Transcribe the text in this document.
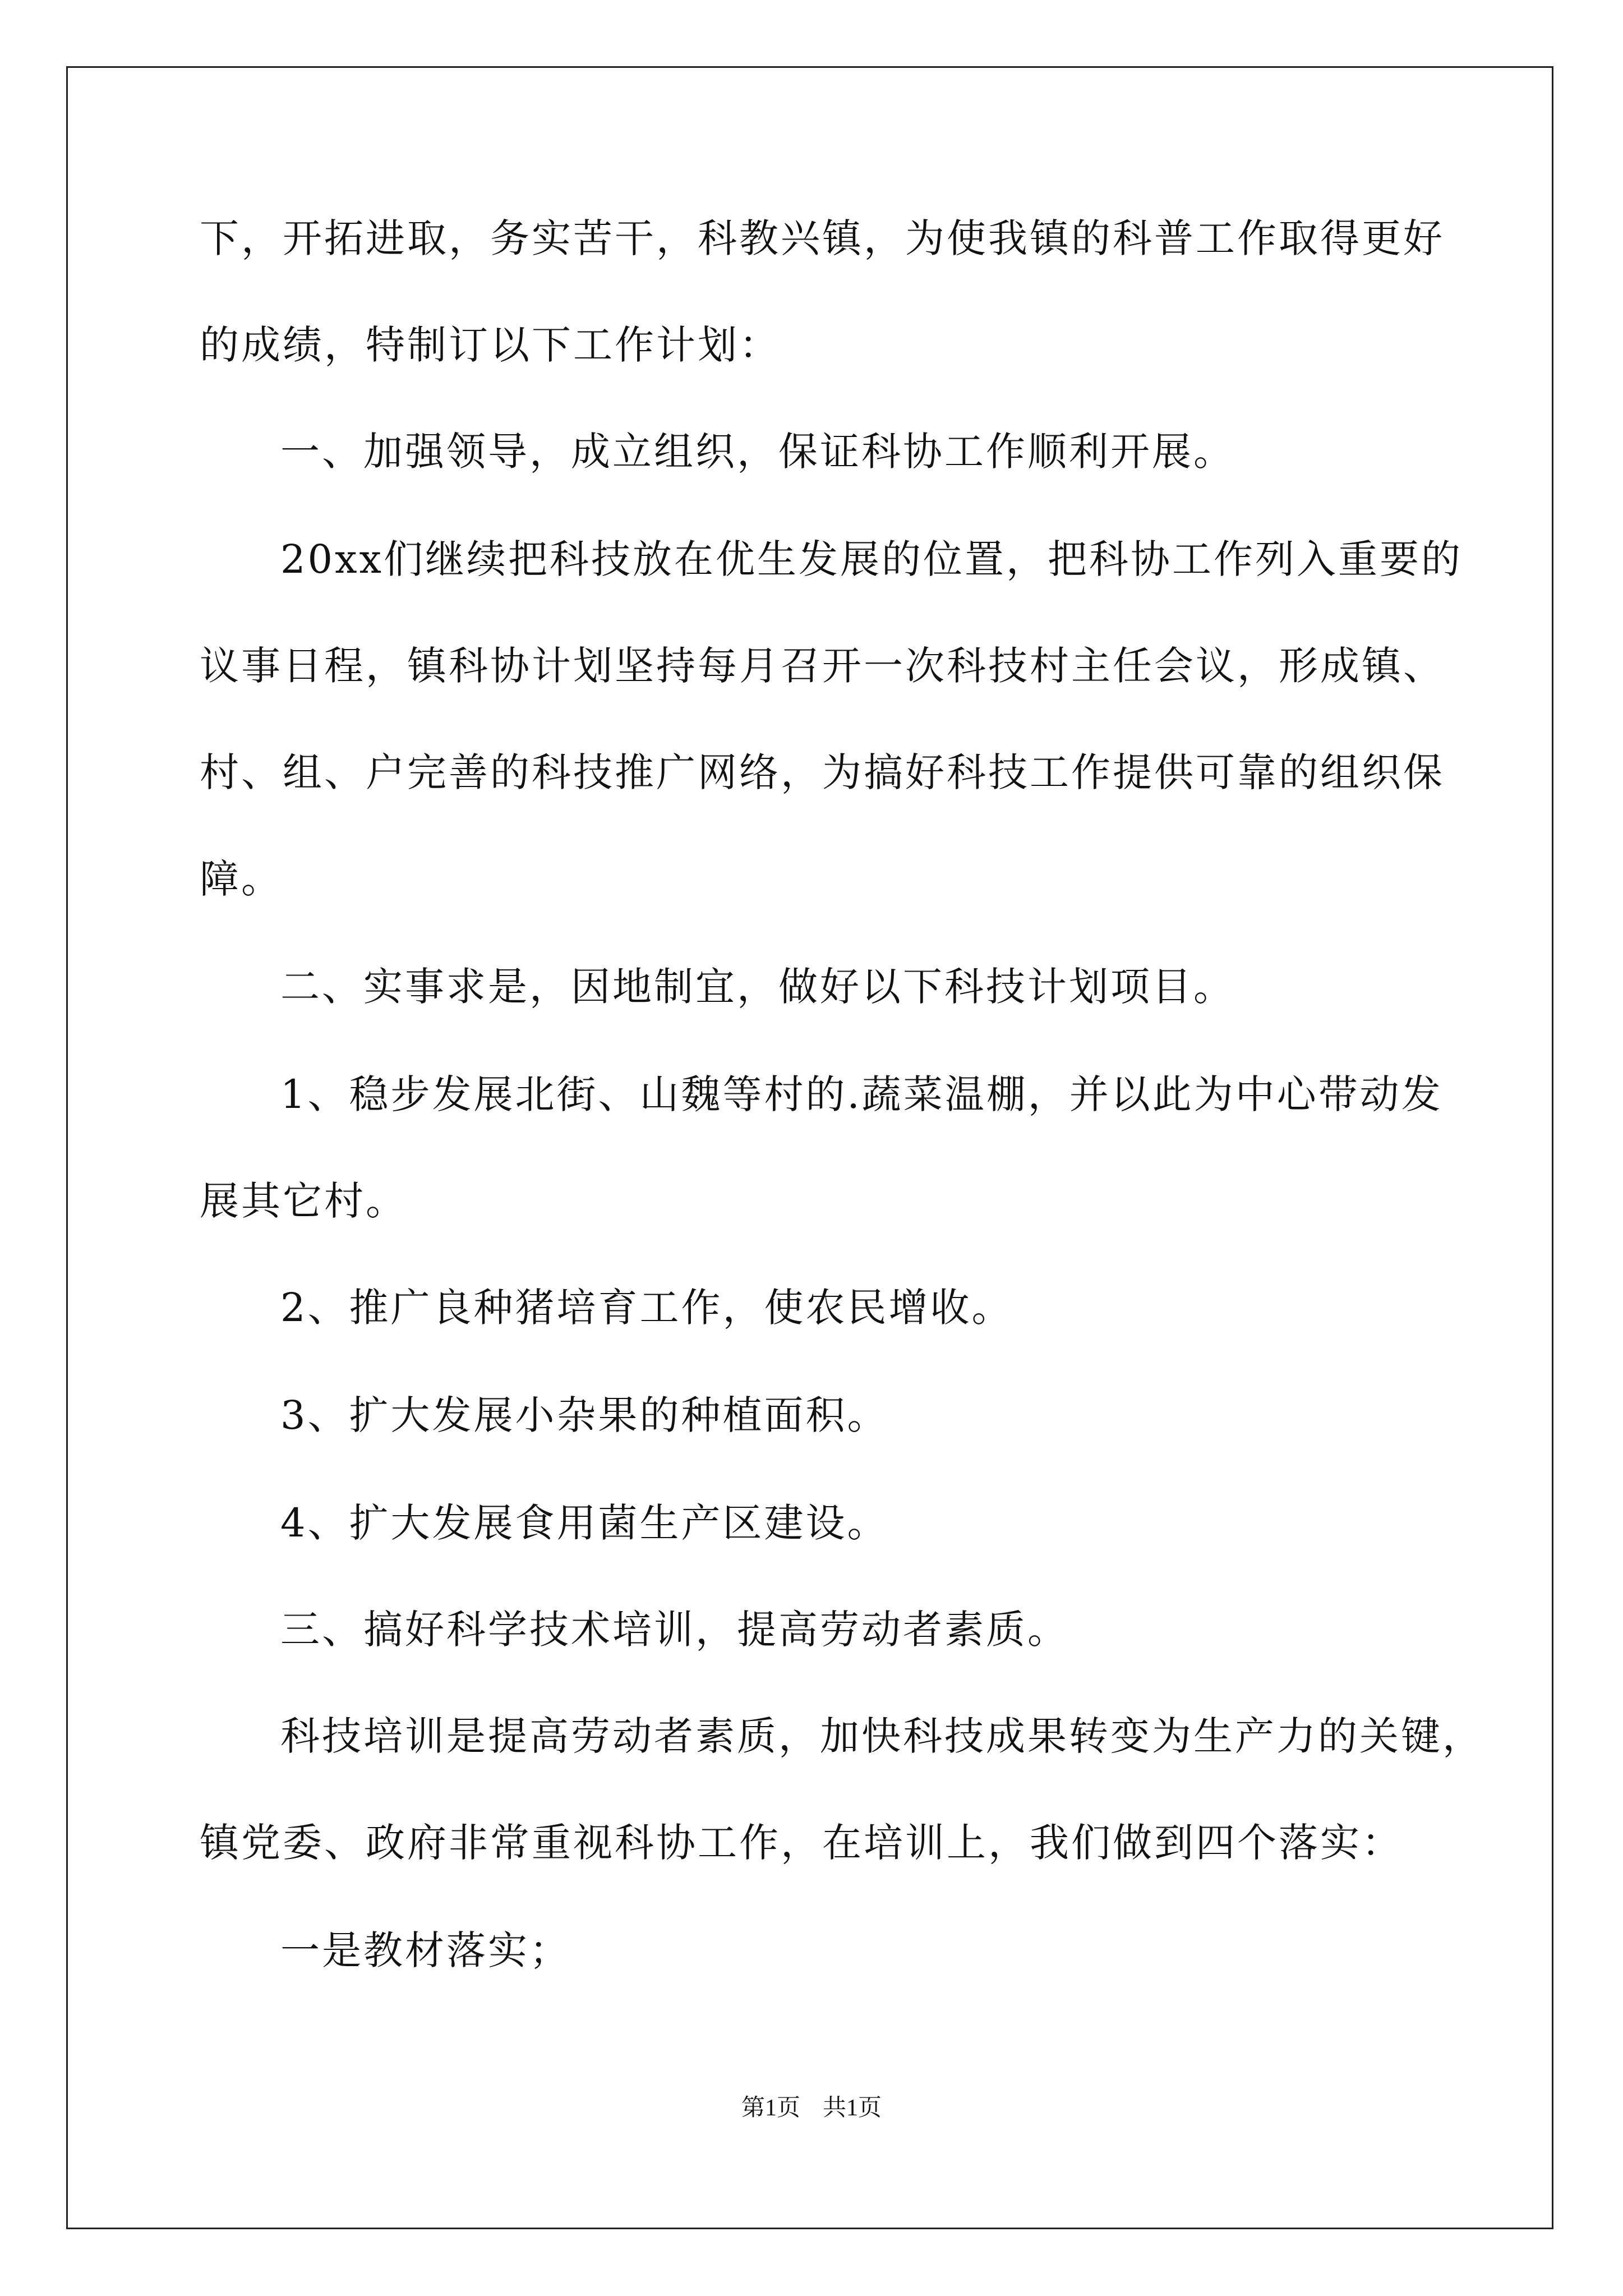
下，开拓进取，务实苦干，科教兴镇，为使我镇的科普工作取得更好
的成绩，特制订以下工作计划：
一、加强领导，成立组织，保证科协工作顺利开展。
20xx们继续把科技放在优生发展的位置，把科协工作列入重要的
议事日程，镇科协计划坚持每月召开一次科技村主任会议，形成镇、
村、组、户完善的科技推广网络，为搞好科技工作提供可靠的组织保
障。
二、实事求是，因地制宜，做好以下科技计划项目。
1、稳步发展北街、山魏等村的.蔬菜温棚，并以此为中心带动发
展其它村。
2、推广良种猪培育工作，使农民增收。
3、扩大发展小杂果的种植面积。
4、扩大发展食用菌生产区建设。
三、搞好科学技术培训，提高劳动者素质。
科技培训是提高劳动者素质，加快科技成果转变为生产力的关键，
镇党委、政府非常重视科协工作，在培训上，我们做到四个落实：
一是教材落实；
第1页 共1页
